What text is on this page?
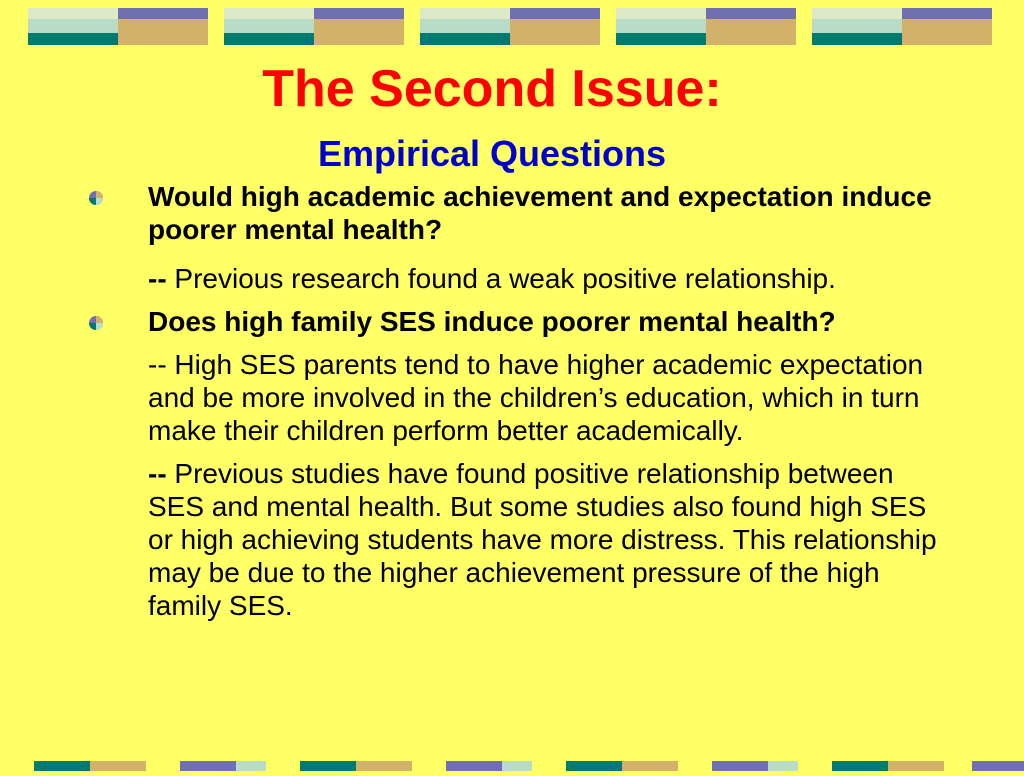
The Second Issue:
Empirical Questions

Would high academic achievement and expectation induce poorer mental health?

-- Previous research found a weak positive relationship.

Does high family SES induce poorer mental health?

-- High SES parents tend to have higher academic expectation and be more involved in the children’s education, which in turn make their children perform better academically.

-- Previous studies have found positive relationship between SES and mental health. But some studies also found high SES or high achieving students have more distress. This relationship may be due to the higher achievement pressure of the high family SES.
